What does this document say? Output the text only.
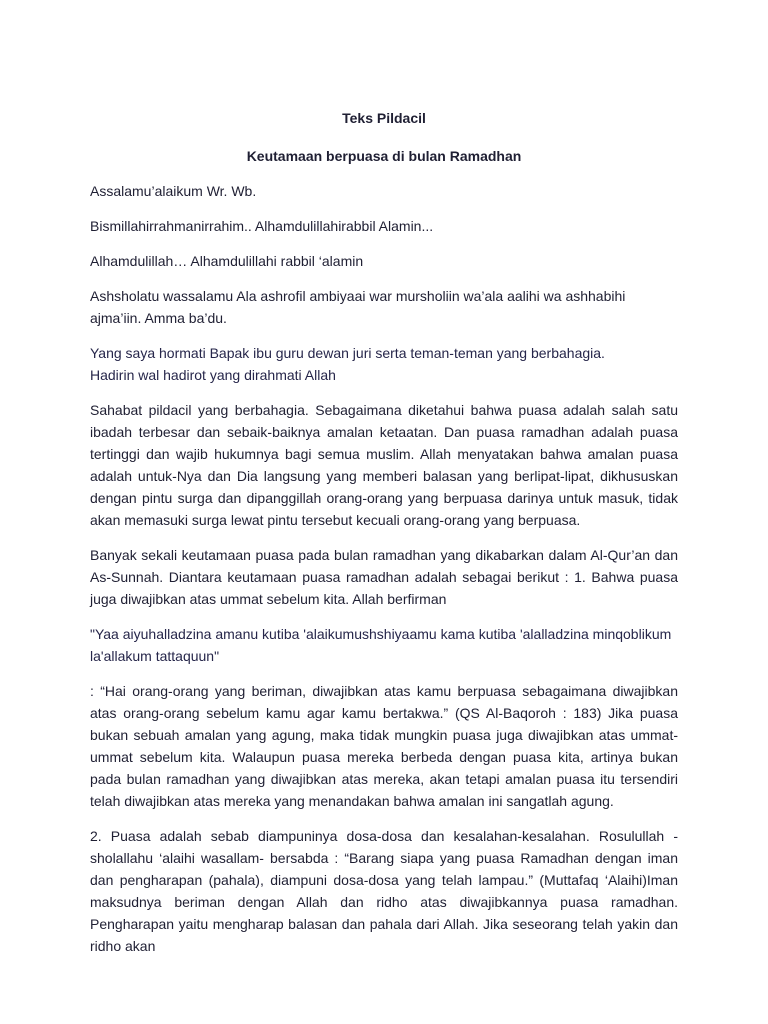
Teks Pildacil

Keutamaan berpuasa di bulan Ramadhan

Assalamu’alaikum Wr. Wb.

Bismillahirrahmanirrahim.. Alhamdulillahirabbil Alamin...

Alhamdulillah… Alhamdulillahi rabbil ‘alamin

Ashsholatu wassalamu Ala ashrofil ambiyaai war mursholiin wa’ala aalihi wa ashhabihi ajma’iin. Amma ba’du.

Yang saya hormati Bapak ibu guru dewan juri serta teman-teman yang berbahagia.
Hadirin wal hadirot yang dirahmati Allah

Sahabat pildacil yang berbahagia. Sebagaimana diketahui bahwa puasa adalah salah satu ibadah terbesar dan sebaik-baiknya amalan ketaatan. Dan puasa ramadhan adalah puasa tertinggi dan wajib hukumnya bagi semua muslim. Allah menyatakan bahwa amalan puasa adalah untuk-Nya dan Dia langsung yang memberi balasan yang berlipat-lipat, dikhususkan dengan pintu surga dan dipanggillah orang-orang yang berpuasa darinya untuk masuk, tidak akan memasuki surga lewat pintu tersebut kecuali orang-orang yang berpuasa.

Banyak sekali keutamaan puasa pada bulan ramadhan yang dikabarkan dalam Al-Qur’an dan As-Sunnah. Diantara keutamaan puasa ramadhan adalah sebagai berikut : 1. Bahwa puasa juga diwajibkan atas ummat sebelum kita. Allah berfirman

"Yaa aiyuhalladzina amanu kutiba 'alaikumushshiyaamu kama kutiba 'alalladzina minqoblikum la'allakum tattaquun"

: “Hai orang-orang yang beriman, diwajibkan atas kamu berpuasa sebagaimana diwajibkan atas orang-orang sebelum kamu agar kamu bertakwa.” (QS Al-Baqoroh : 183) Jika puasa bukan sebuah amalan yang agung, maka tidak mungkin puasa juga diwajibkan atas ummat-ummat sebelum kita. Walaupun puasa mereka berbeda dengan puasa kita, artinya bukan pada bulan ramadhan yang diwajibkan atas mereka, akan tetapi amalan puasa itu tersendiri telah diwajibkan atas mereka yang menandakan bahwa amalan ini sangatlah agung.

2. Puasa adalah sebab diampuninya dosa-dosa dan kesalahan-kesalahan. Rosulullah -sholallahu ‘alaihi wasallam- bersabda : “Barang siapa yang puasa Ramadhan dengan iman dan pengharapan (pahala), diampuni dosa-dosa yang telah lampau.” (Muttafaq ‘Alaihi)Iman maksudnya beriman dengan Allah dan ridho atas diwajibkannya puasa ramadhan. Pengharapan yaitu mengharap balasan dan pahala dari Allah. Jika seseorang telah yakin dan ridho akan
